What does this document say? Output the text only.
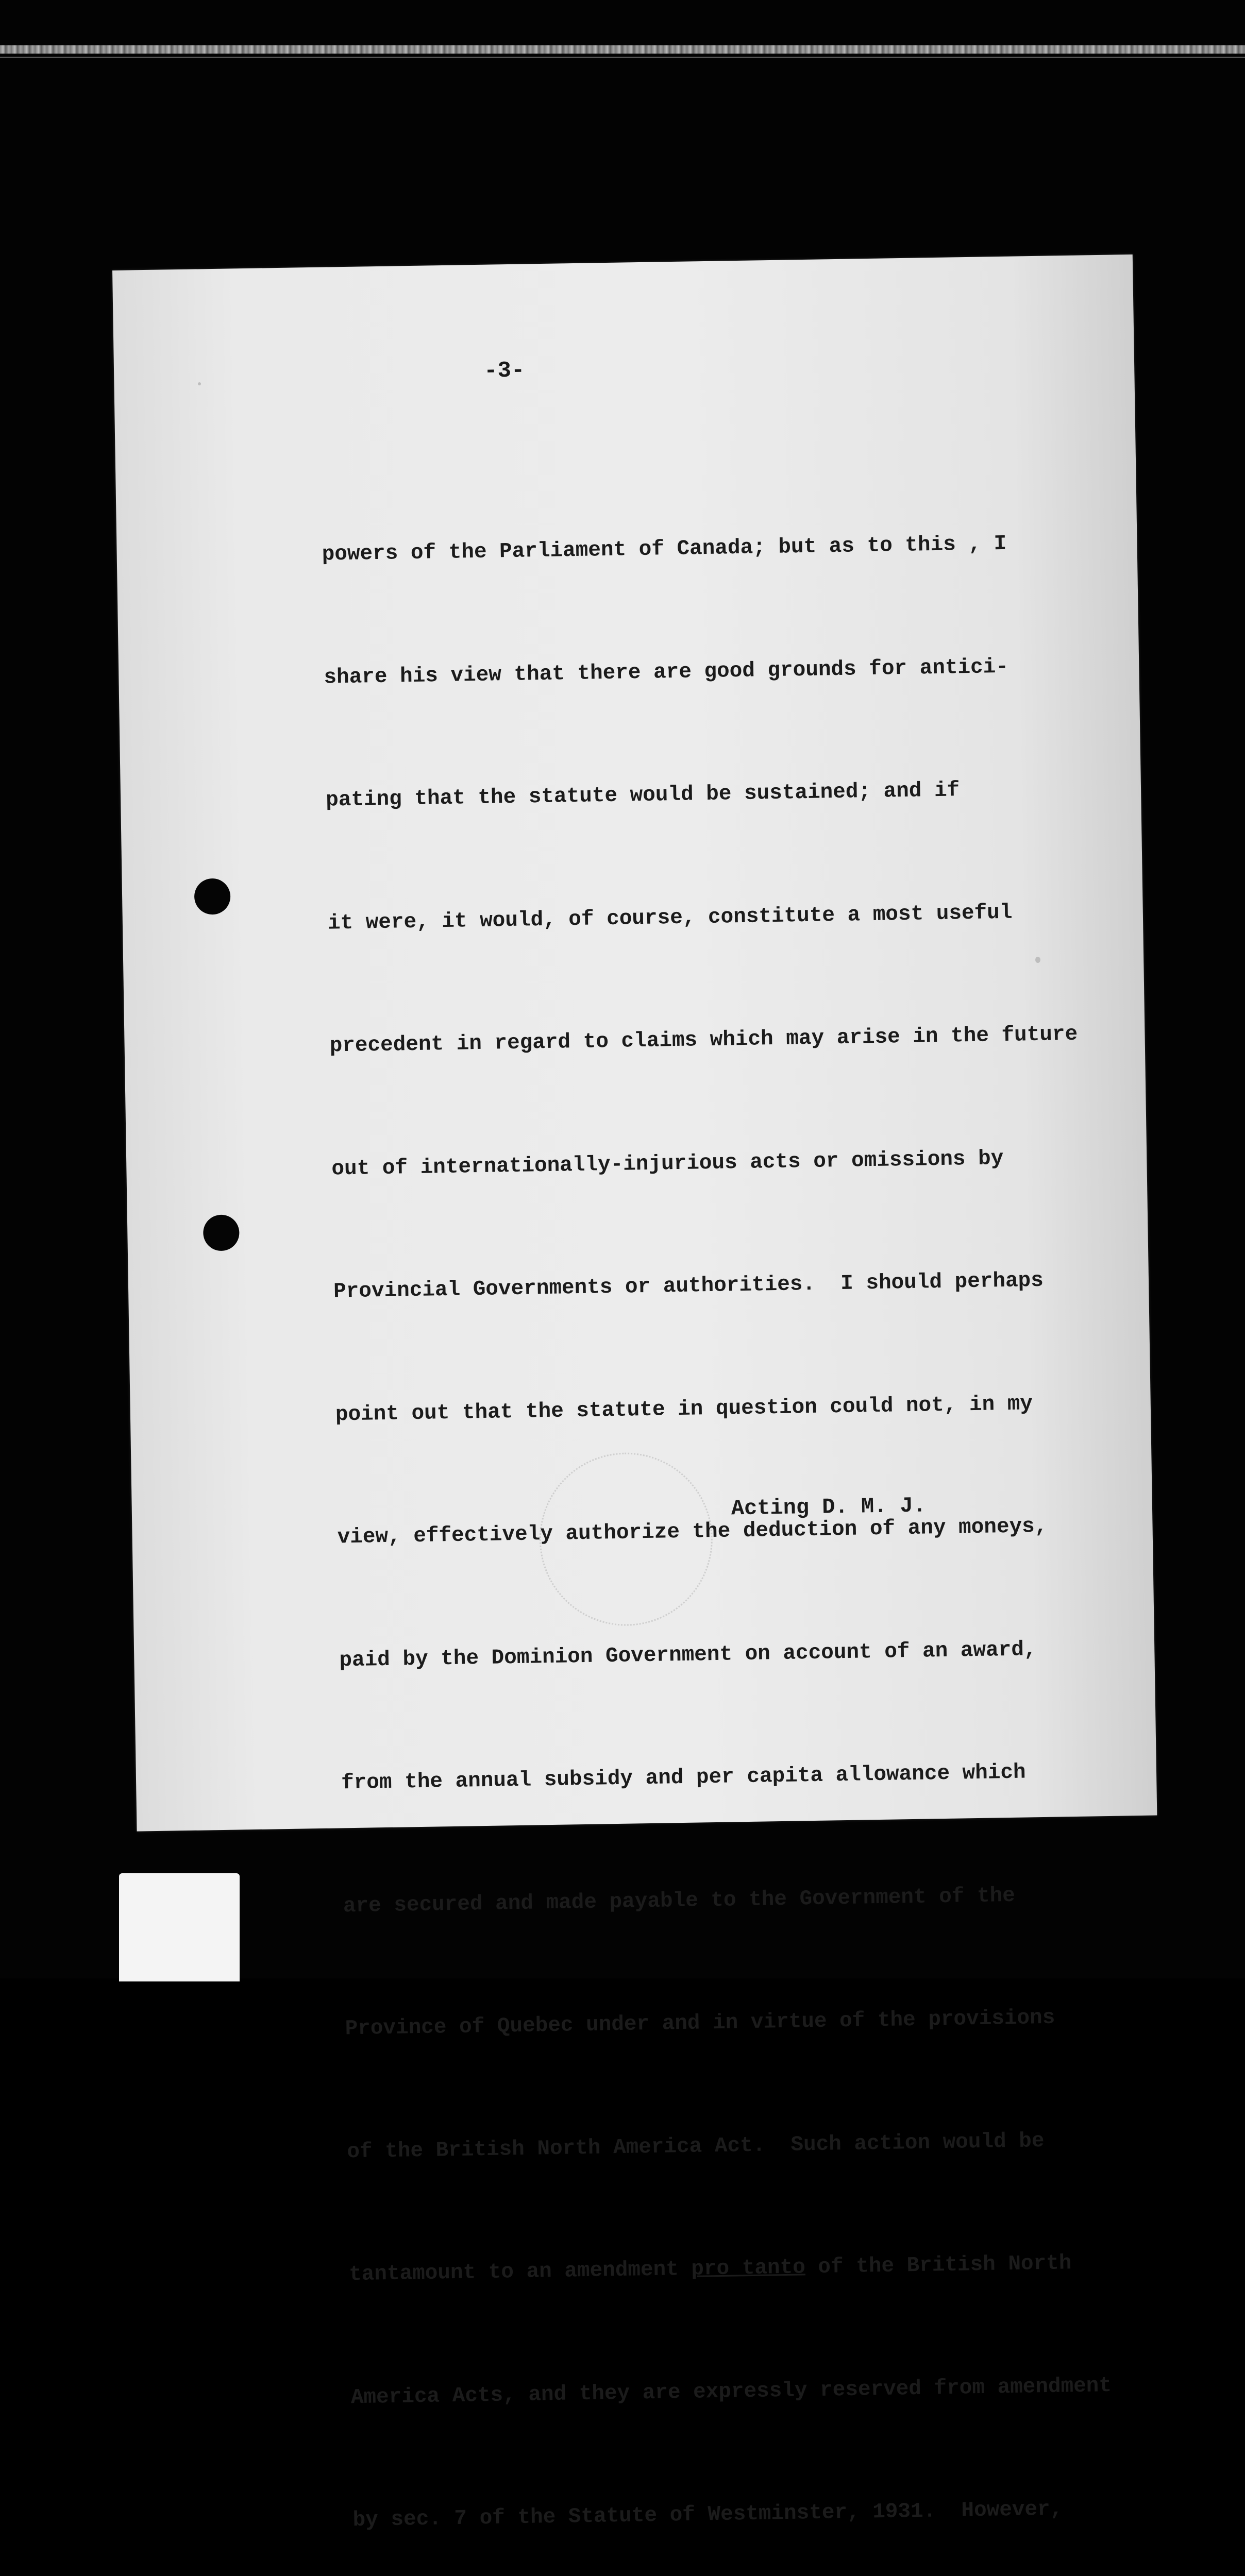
-3-

powers of the Parliament of Canada; but as to this , I

share his view that there are good grounds for antici-

pating that the statute would be sustained; and if

it were, it would, of course, constitute a most useful

precedent in regard to claims which may arise in the future

out of internationally-injurious acts or omissions by

Provincial Governments or authorities.  I should perhaps

point out that the statute in question could not, in my

view, effectively authorize the deduction of any moneys,

paid by the Dominion Government on account of an award,

from the annual subsidy and per capita allowance which

are secured and made payable to the Government of the

Province of Quebec under and in virtue of the provisions

of the British North America Act.  Such action would be

tantamount to an amendment pro tanto of the British North

America Acts, and they are expressly reserved from amendment

by sec. 7 of the Statute of Westminster, 1931.  However,

Acting D. M. J.
